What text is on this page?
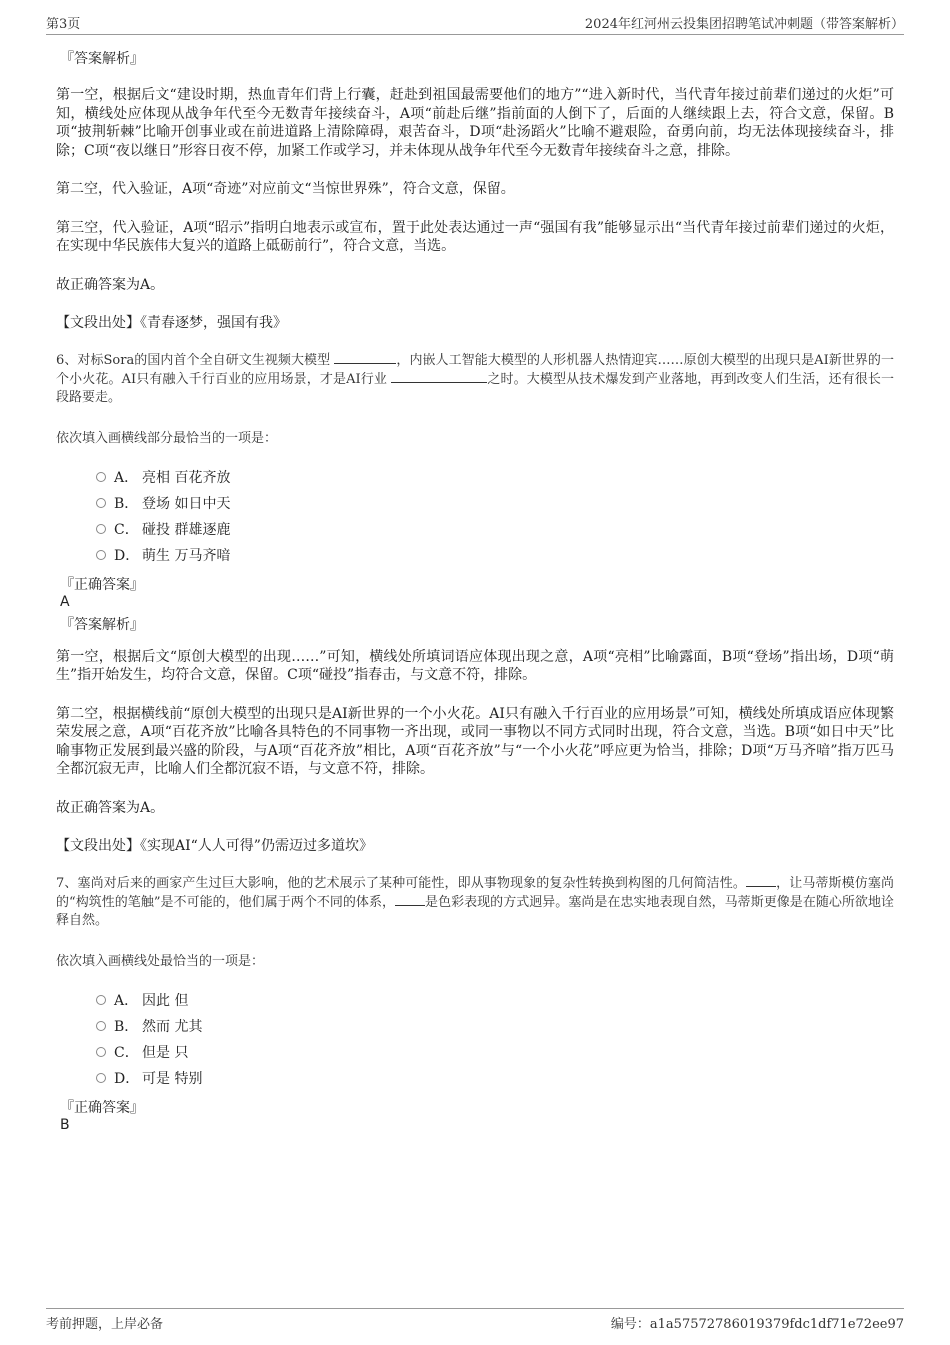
第3页	2024年红河州云投集团招聘笔试冲刺题（带答案解析）
『答案解析』

第一空，根据后文“建设时期，热血青年们背上行囊，赶赴到祖国最需要他们的地方”“进入新时代，当代青年接过前辈们递过的火炬”可知，横线处应体现从战争年代至今无数青年接续奋斗，A项“前赴后继”指前面的人倒下了，后面的人继续跟上去，符合文意，保留。B项“披荆斩棘”比喻开创事业或在前进道路上清除障碍，艰苦奋斗，D项“赴汤蹈火”比喻不避艰险，奋勇向前，均无法体现接续奋斗，排除；C项“夜以继日”形容日夜不停，加紧工作或学习，并未体现从战争年代至今无数青年接续奋斗之意，排除。

第二空，代入验证，A项“奇迹”对应前文“当惊世界殊”，符合文意，保留。

第三空，代入验证，A项“昭示”指明白地表示或宣布，置于此处表达通过一声“强国有我”能够显示出“当代青年接过前辈们递过的火炬，在实现中华民族伟大复兴的道路上砥砺前行”，符合文意，当选。

故正确答案为A。

【文段出处】《青春逐梦，强国有我》

6、对标Sora的国内首个全自研文生视频大模型	，内嵌人工智能大模型的人形机器人热情迎宾……原创大模型的出现只是AI新世界的一个小火花。AI只有融入千行百业的应用场景，才是AI行业	之时。大模型从技术爆发到产业落地，再到改变人们生活，还有很长一段路要走。
依次填入画横线部分最恰当的一项是：
A． 亮相 百花齐放
B． 登场 如日中天
C． 碰投 群雄逐鹿
D． 萌生 万马齐喑
『正确答案』
A
『答案解析』

第一空，根据后文“原创大模型的出现……”可知，横线处所填词语应体现出现之意，A项“亮相”比喻露面，B项“登场”指出场，D项“萌生”指开始发生，均符合文意，保留。C项“碰投”指春击，与文意不符，排除。

第二空，根据横线前“原创大模型的出现只是AI新世界的一个小火花。AI只有融入千行百业的应用场景”可知，横线处所填成语应体现繁荣发展之意，A项“百花齐放”比喻各具特色的不同事物一齐出现，或同一事物以不同方式同时出现，符合文意，当选。B项“如日中天”比喻事物正发展到最兴盛的阶段，与A项“百花齐放”相比，A项“百花齐放”与“一个小火花”呼应更为恰当，排除；D项“万马齐喑”指万匹马全都沉寂无声，比喻人们全都沉寂不语，与文意不符，排除。

故正确答案为A。

【文段出处】《实现AI“人人可得”仍需迈过多道坎》

7、塞尚对后来的画家产生过巨大影响，他的艺术展示了某种可能性，即从事物现象的复杂性转换到构图的几何简洁性。 ，让马蒂斯模仿塞尚的“构筑性的笔触”是不可能的，他们属于两个不同的体系， 是色彩表现的方式迥异。塞尚是在忠实地表现自然，马蒂斯更像是在随心所欲地诠释自然。
依次填入画横线处最恰当的一项是：
A． 因此 但
B． 然而 尤其
C． 但是 只
D． 可是 特别
『正确答案』
B
考前押题，上岸必备	编号：a1a57572786019379fdc1df71e72ee97
